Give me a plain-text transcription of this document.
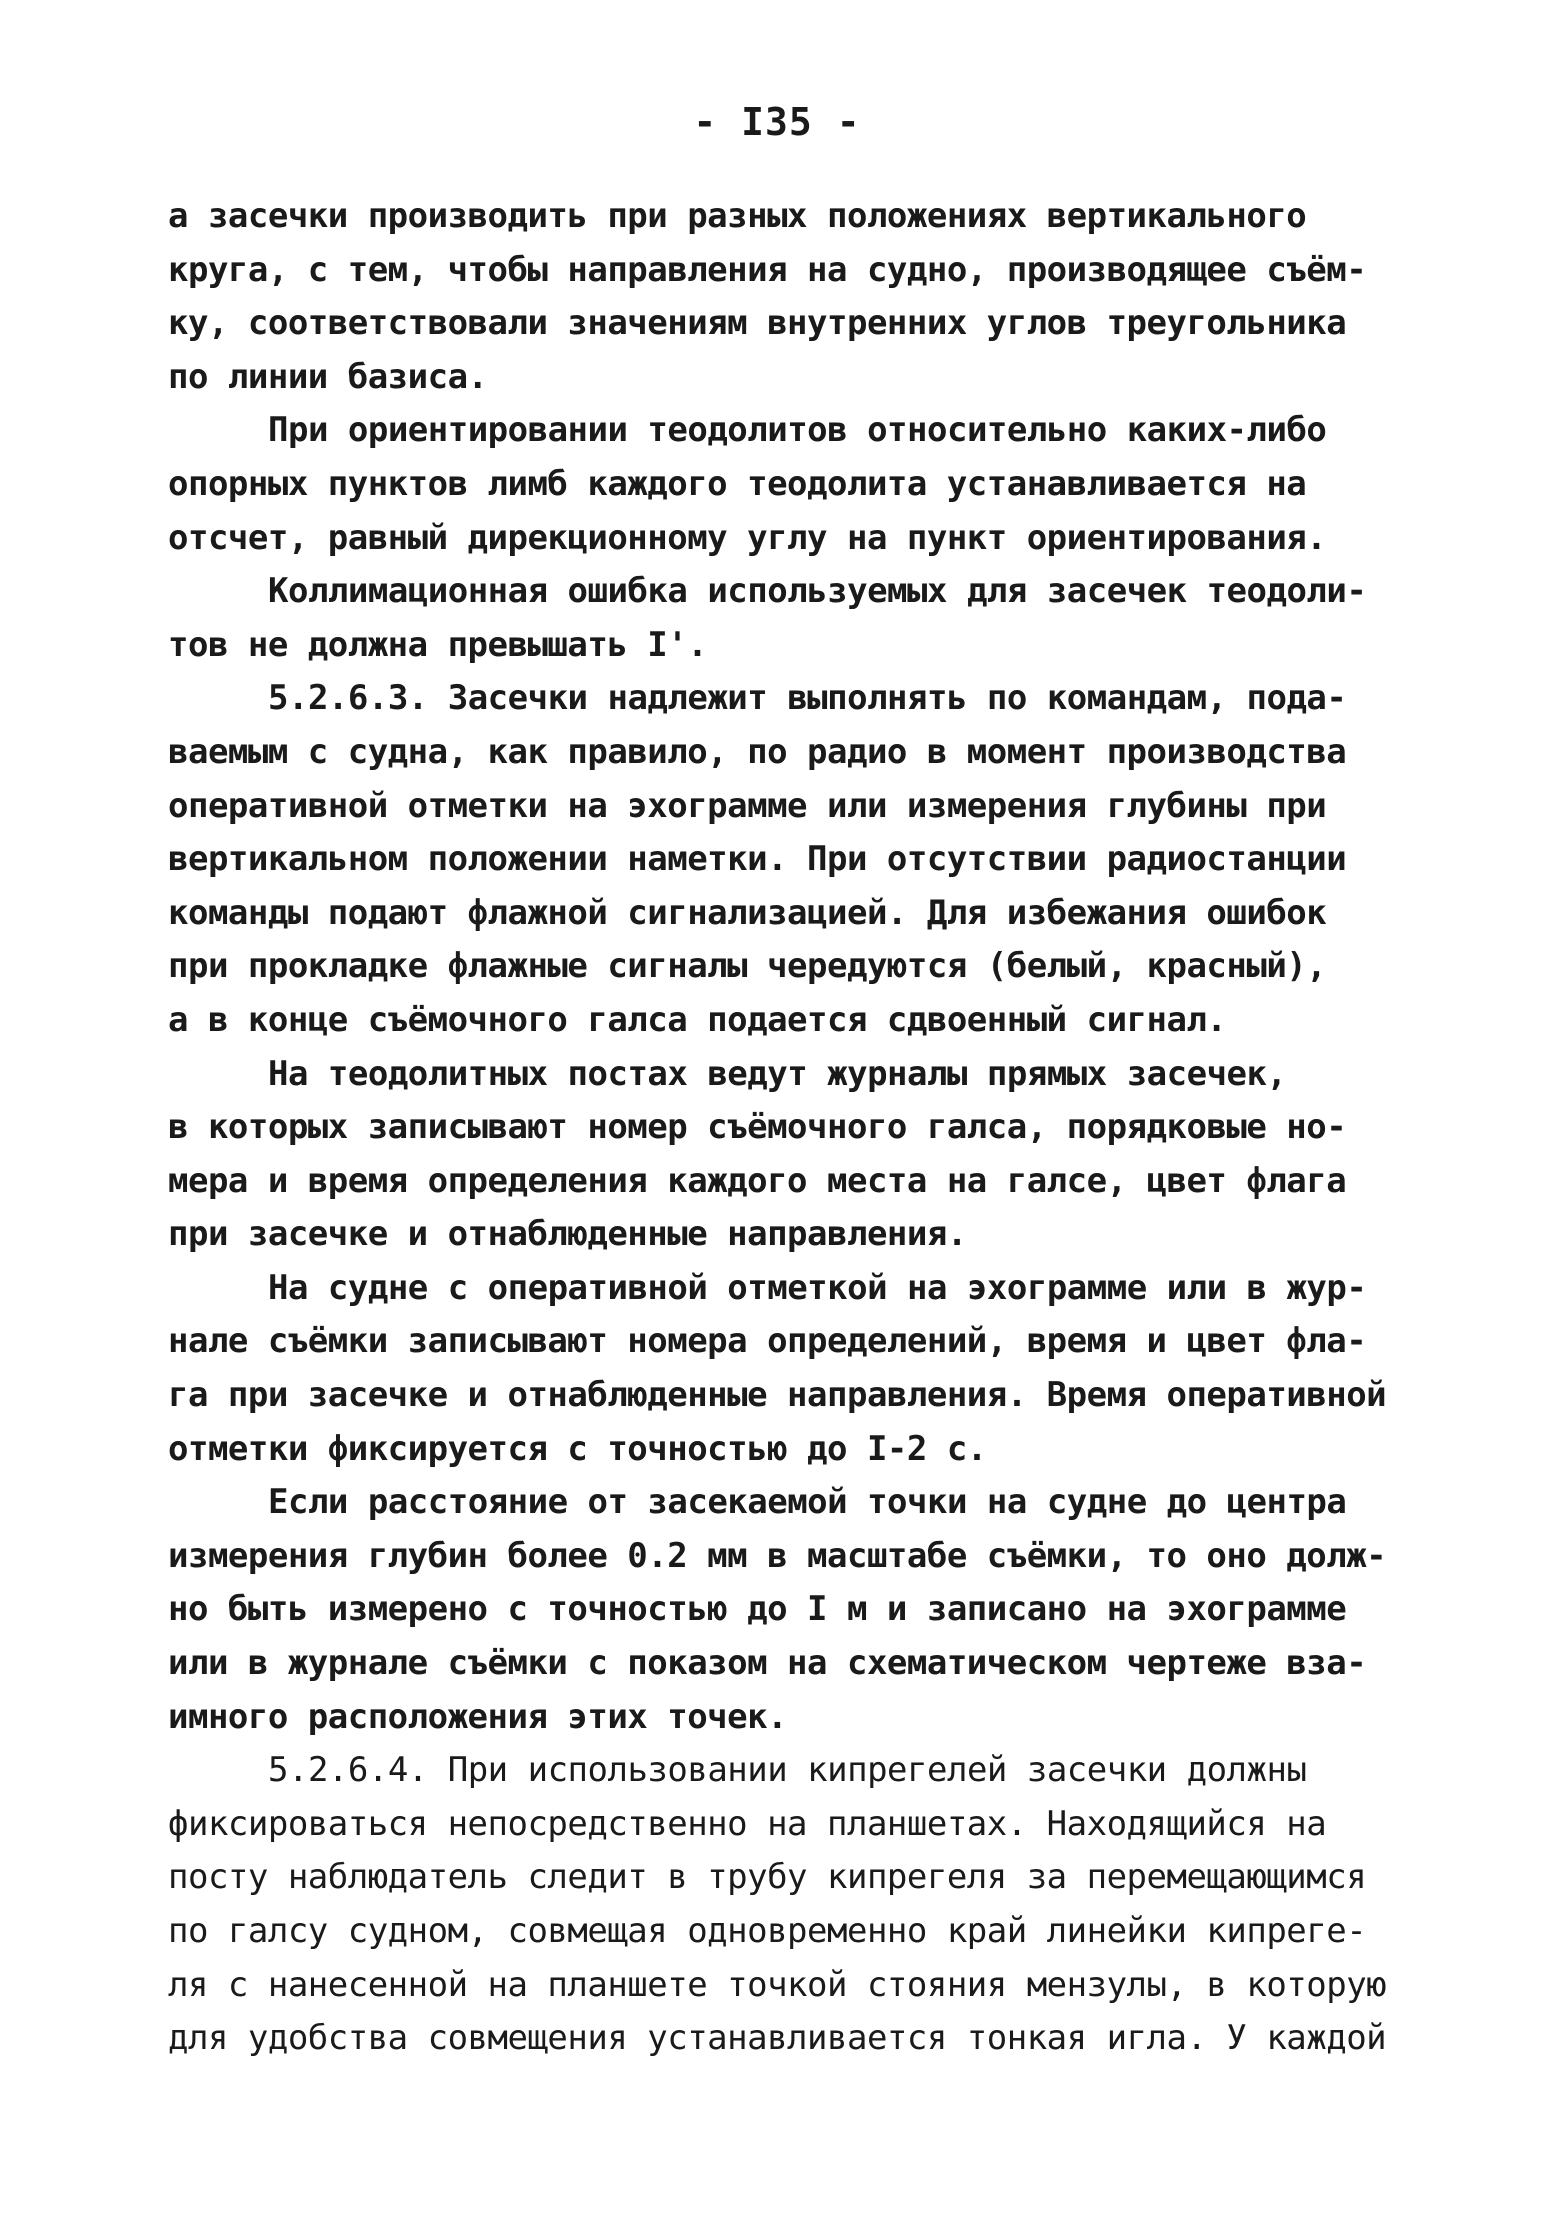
- I35 -
а засечки производить при разных положениях вертикального
круга, с тем, чтобы направления на судно, производящее съём-
ку, соответствовали значениям внутренних углов треугольника
по линии базиса.
При ориентировании теодолитов относительно каких-либо
опорных пунктов лимб каждого теодолита устанавливается на
отсчет, равный дирекционному углу на пункт ориентирования.
Коллимационная ошибка используемых для засечек теодоли-
тов не должна превышать I'.
5.2.6.3. Засечки надлежит выполнять по командам, пода-
ваемым с судна, как правило, по радио в момент производства
оперативной отметки на эхограмме или измерения глубины при
вертикальном положении наметки. При отсутствии радиостанции
команды подают флажной сигнализацией. Для избежания ошибок
при прокладке флажные сигналы чередуются (белый, красный),
а в конце съёмочного галса подается сдвоенный сигнал.
На теодолитных постах ведут журналы прямых засечек,
в которых записывают номер съёмочного галса, порядковые но-
мера и время определения каждого места на галсе, цвет флага
при засечке и отнаблюденные направления.
На судне с оперативной отметкой на эхограмме или в жур-
нале съёмки записывают номера определений, время и цвет фла-
га при засечке и отнаблюденные направления. Время оперативной
отметки фиксируется с точностью до I-2 с.
Если расстояние от засекаемой точки на судне до центра
измерения глубин более 0.2 мм в масштабе съёмки, то оно долж-
но быть измерено с точностью до I м и записано на эхограмме
или в журнале съёмки с показом на схематическом чертеже вза-
имного расположения этих точек.
5.2.6.4. При использовании кипрегелей засечки должны
фиксироваться непосредственно на планшетах. Находящийся на
посту наблюдатель следит в трубу кипрегеля за перемещающимся
по галсу судном, совмещая одновременно край линейки кипреге-
ля с нанесенной на планшете точкой стояния мензулы, в которую
для удобства совмещения устанавливается тонкая игла. У каждой
